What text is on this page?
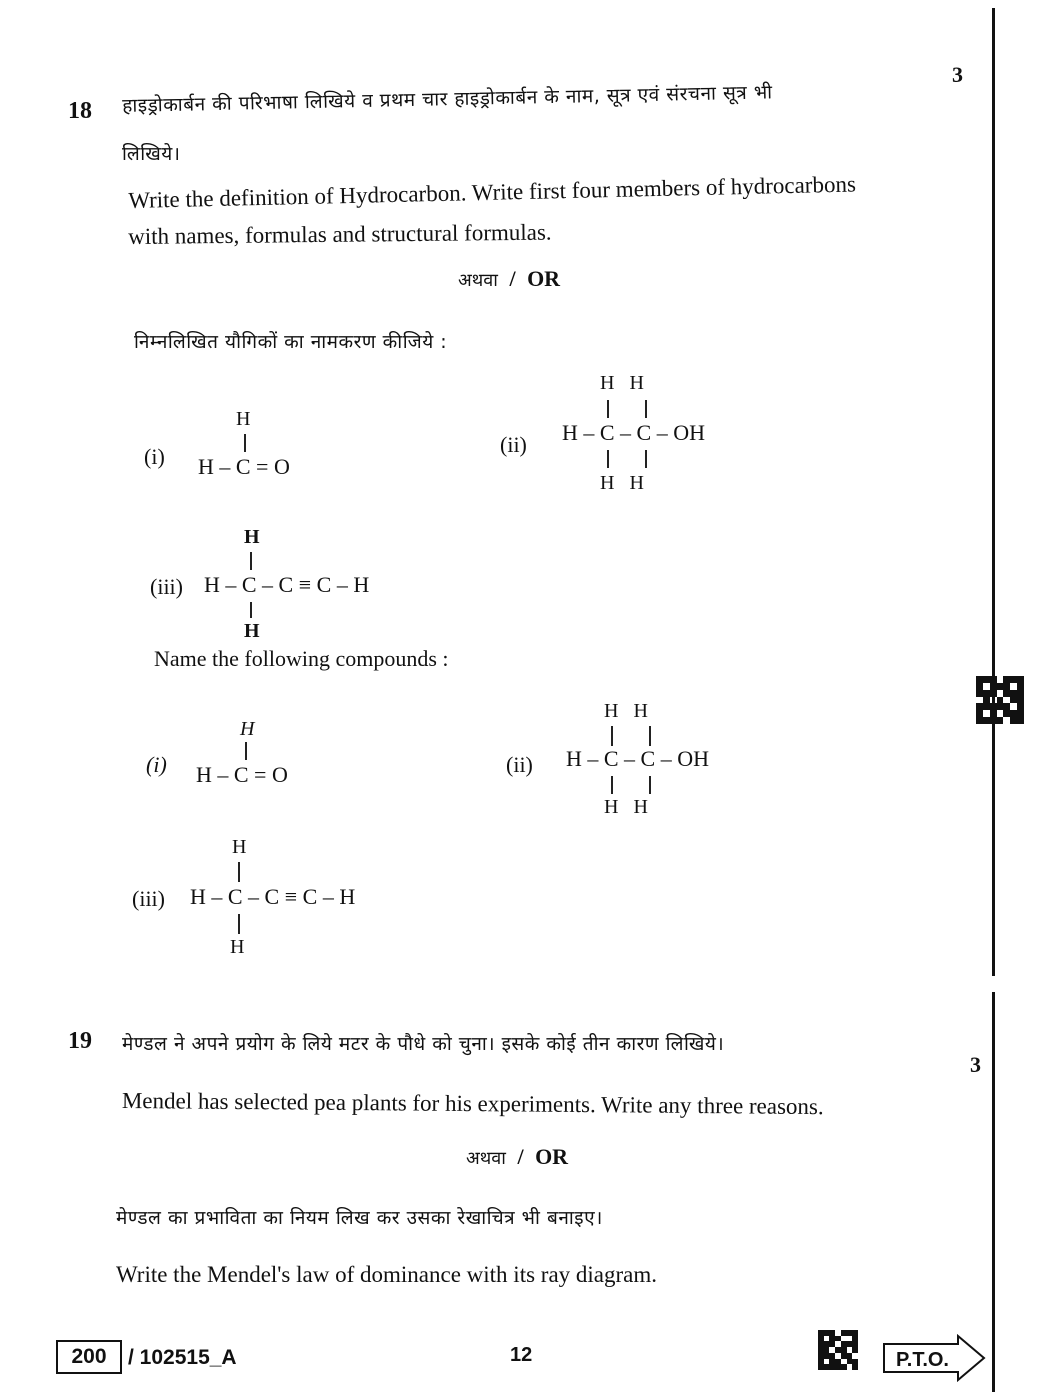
18
3
हाइड्रोकार्बन की परिभाषा लिखिये व प्रथम चार हाइड्रोकार्बन के नाम, सूत्र एवं संरचना सूत्र भी
लिखिये।
Write the definition of Hydrocarbon. Write first four members of hydrocarbons
with names, formulas and structural formulas.
अथवा / OR
निम्नलिखित यौगिकों का नामकरण कीजिये :
(i)
H
H – C = O
(ii)
H   H
H – C – C – OH
H   H
(iii)
H
H – C – C ≡ C – H
H
Name the following compounds :
(i)
H
H – C = O	(ii)
H   H
H – C – C – OH
H   H
(iii)
H
H – C – C ≡ C – H
H
19
3
मेण्डल ने अपने प्रयोग के लिये मटर के पौधे को चुना। इसके कोई तीन कारण लिखिये।
Mendel has selected pea plants for his experiments. Write any three reasons.
अथवा / OR
मेण्डल का प्रभाविता का नियम लिख कर उसका रेखाचित्र भी बनाइए।
Write the Mendel's law of dominance with its ray diagram.
200	/ 102515_A	12	P.T.O.
